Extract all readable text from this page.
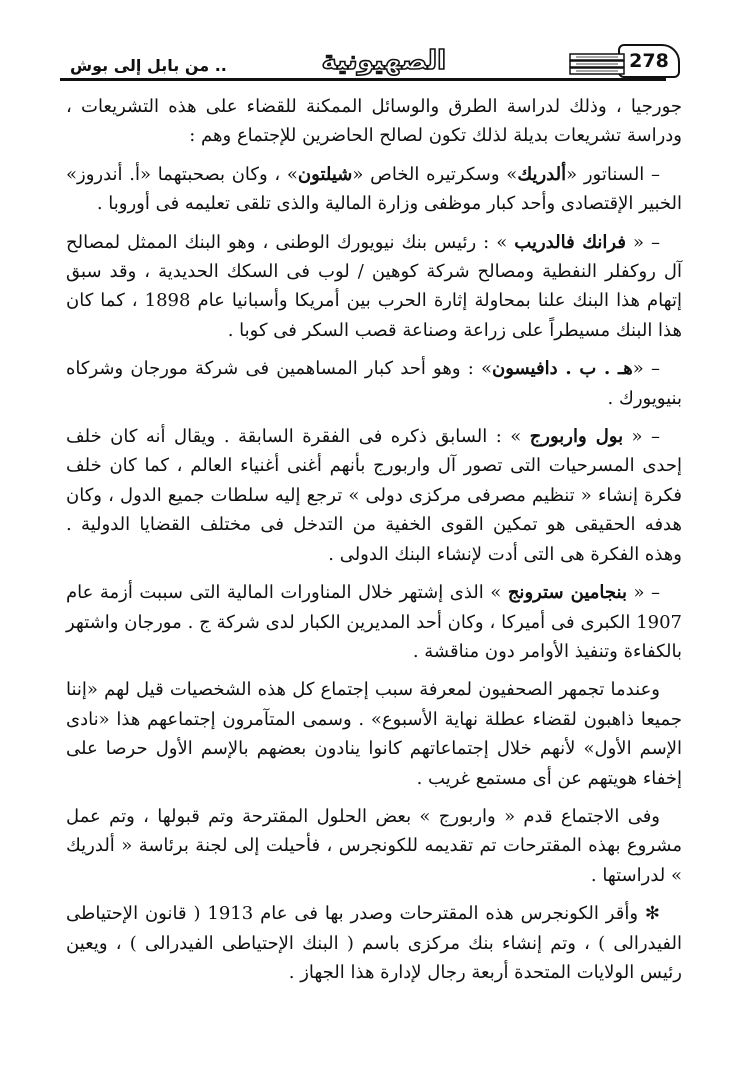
278
الصهيونية
.. من بابل إلى بوش

جورجيا ، وذلك لدراسة الطرق والوسائل الممكنة للقضاء على هذه التشريعات ، ودراسة تشريعات بديلة لذلك تكون لصالح الحاضرين للإجتماع وهم :

– السناتور «ألدريك» وسكرتيره الخاص «شيلتون» ، وكان بصحبتهما «أ. أندروز» الخبير الإقتصادى وأحد كبار موظفى وزارة المالية والذى تلقى تعليمه فى أوروبا .

– « فرانك فالدريب » : رئيس بنك نيويورك الوطنى ، وهو البنك الممثل لمصالح آل روكفلر النفطية ومصالح شركة كوهين / لوب فى السكك الحديدية ، وقد سبق إتهام هذا البنك علنا بمحاولة إثارة الحرب بين أمريكا وأسبانيا عام 1898 ، كما كان هذا البنك مسيطراً على زراعة وصناعة قصب السكر فى كوبا .

– «هـ . ب . دافيسون» : وهو أحد كبار المساهمين فى شركة مورجان وشركاه بنيويورك .

– « بول واربورج » : السابق ذكره فى الفقرة السابقة . ويقال أنه كان خلف إحدى المسرحيات التى تصور آل واربورج بأنهم أغنى أغنياء العالم ، كما كان خلف فكرة إنشاء « تنظيم مصرفى مركزى دولى » ترجع إليه سلطات جميع الدول ، وكان هدفه الحقيقى هو تمكين القوى الخفية من التدخل فى مختلف القضايا الدولية . وهذه الفكرة هى التى أدت لإنشاء البنك الدولى .

– « بنجامين سترونج » الذى إشتهر خلال المناورات المالية التى سببت أزمة عام 1907 الكبرى فى أميركا ، وكان أحد المديرين الكبار لدى شركة ج . مورجان واشتهر بالكفاءة وتنفيذ الأوامر دون مناقشة .

وعندما تجمهر الصحفيون لمعرفة سبب إجتماع كل هذه الشخصيات قيل لهم «إننا جميعا ذاهبون لقضاء عطلة نهاية الأسبوع» . وسمى المتآمرون إجتماعهم هذا «نادى الإسم الأول» لأنهم خلال إجتماعاتهم كانوا ينادون بعضهم بالإسم الأول حرصا على إخفاء هويتهم عن أى مستمع غريب .

وفى الاجتماع قدم « واربورج » بعض الحلول المقترحة وتم قبولها ، وتم عمل مشروع بهذه المقترحات تم تقديمه للكونجرس ، فأحيلت إلى لجنة برئاسة « ألدريك » لدراستها .

✻ وأقر الكونجرس هذه المقترحات وصدر بها فى عام 1913 ( قانون الإحتياطى الفيدرالى ) ، وتم إنشاء بنك مركزى باسم ( البنك الإحتياطى الفيدرالى ) ، ويعين رئيس الولايات المتحدة أربعة رجال لإدارة هذا الجهاز .
